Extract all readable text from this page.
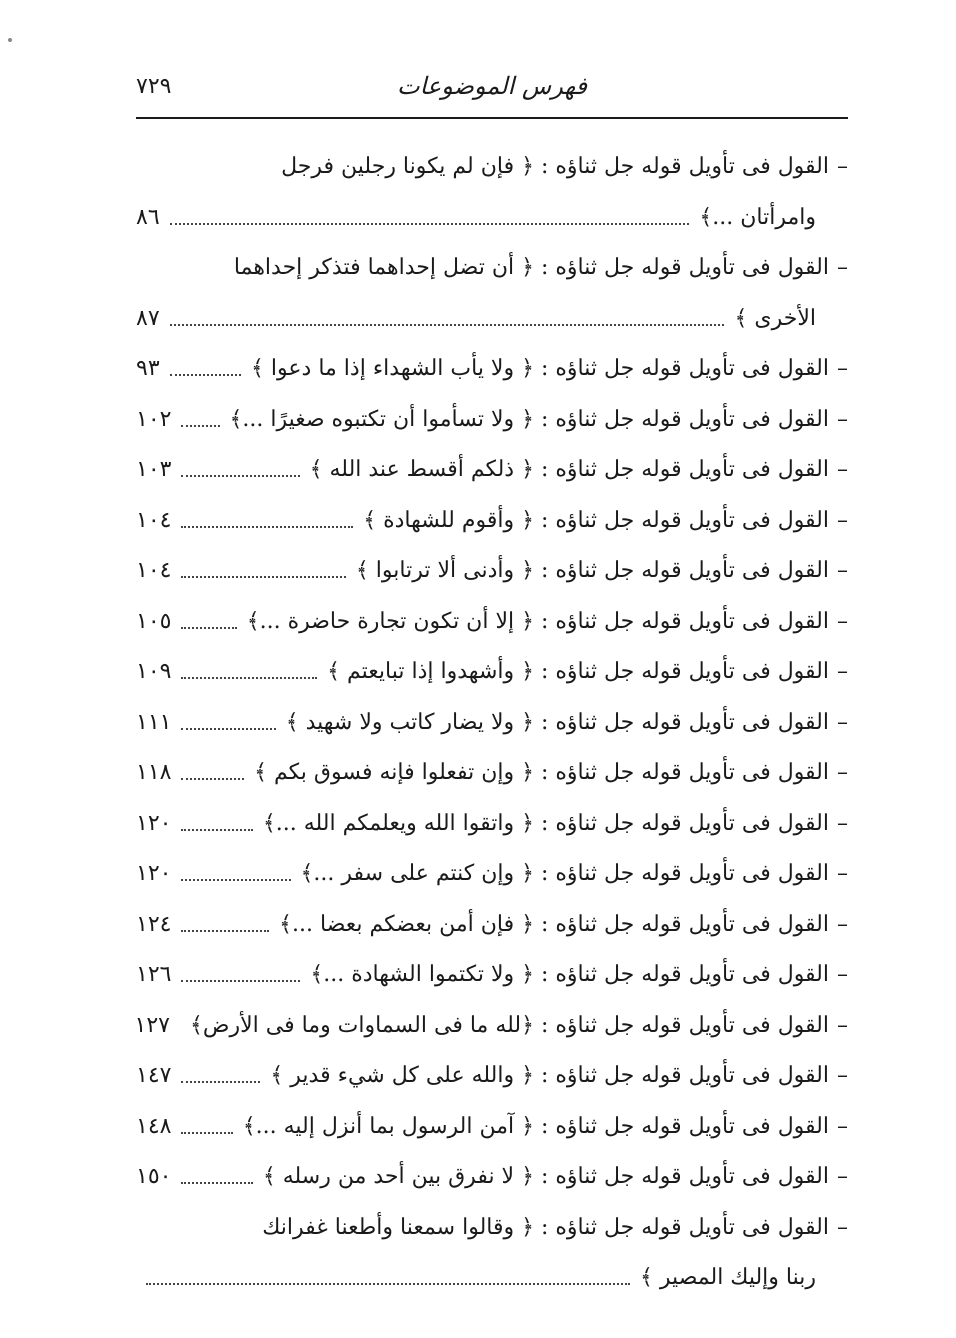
٧٢٩	فهرس الموضوعات
–
القول فى تأويل قوله جل ثناؤه : ﴿ فإن لم يكونا رجلين فرجل
وامرأتان ...﴾
٨٦
–
القول فى تأويل قوله جل ثناؤه : ﴿ أن تضل إحداهما فتذكر إحداهما
الأخرى ﴾
٨٧
–
القول فى تأويل قوله جل ثناؤه : ﴿ ولا يأب الشهداء إذا ما دعوا ﴾
٩٣
–
القول فى تأويل قوله جل ثناؤه : ﴿ ولا تسأموا أن تكتبوه صغيرًا ...﴾
١٠٢
–
القول فى تأويل قوله جل ثناؤه : ﴿ ذلكم أقسط عند الله ﴾
١٠٣
–
القول فى تأويل قوله جل ثناؤه : ﴿ وأقوم للشهادة ﴾
١٠٤
–
القول فى تأويل قوله جل ثناؤه : ﴿ وأدنى ألا ترتابوا ﴾
١٠٤
–
القول فى تأويل قوله جل ثناؤه : ﴿ إلا أن تكون تجارة حاضرة ...﴾
١٠٥
–
القول فى تأويل قوله جل ثناؤه : ﴿ وأشهدوا إذا تبايعتم ﴾
١٠٩
–
القول فى تأويل قوله جل ثناؤه : ﴿ ولا يضار كاتب ولا شهيد ﴾
١١١
–
القول فى تأويل قوله جل ثناؤه : ﴿ وإن تفعلوا فإنه فسوق بكم ﴾
١١٨
–
القول فى تأويل قوله جل ثناؤه : ﴿ واتقوا الله ويعلمكم الله ...﴾
١٢٠
–
القول فى تأويل قوله جل ثناؤه : ﴿ وإن كنتم على سفر ...﴾
١٢٠
–
القول فى تأويل قوله جل ثناؤه : ﴿ فإن أمن بعضكم بعضا ...﴾
١٢٤
–
القول فى تأويل قوله جل ثناؤه : ﴿ ولا تكتموا الشهادة ...﴾
١٢٦
–
القول فى تأويل قوله جل ثناؤه : ﴿لله ما فى السماوات وما فى الأرض﴾
١٢٧
–
القول فى تأويل قوله جل ثناؤه : ﴿ والله على كل شيء قدير ﴾
١٤٧
–
القول فى تأويل قوله جل ثناؤه : ﴿ آمن الرسول بما أنزل إليه ...﴾
١٤٨
–
القول فى تأويل قوله جل ثناؤه : ﴿ لا نفرق بين أحد من رسله ﴾
١٥٠
–
القول فى تأويل قوله جل ثناؤه : ﴿ وقالوا سمعنا وأطعنا غفرانك
ربنا وإليك المصير ﴾
